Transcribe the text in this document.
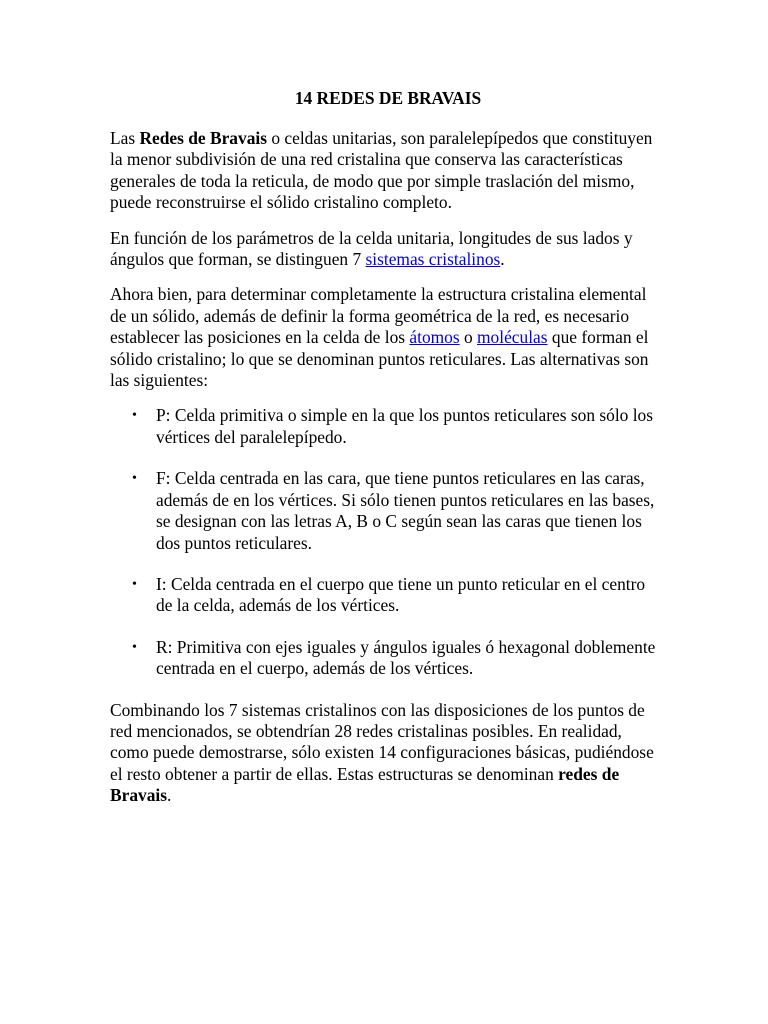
14 REDES DE BRAVAIS

Las Redes de Bravais o celdas unitarias, son paralelepípedos que constituyen la menor subdivisión de una red cristalina que conserva las características generales de toda la reticula, de modo que por simple traslación del mismo, puede reconstruirse el sólido cristalino completo.

En función de los parámetros de la celda unitaria, longitudes de sus lados y ángulos que forman, se distinguen 7 sistemas cristalinos.

Ahora bien, para determinar completamente la estructura cristalina elemental de un sólido, además de definir la forma geométrica de la red, es necesario establecer las posiciones en la celda de los átomos o moléculas que forman el sólido cristalino; lo que se denominan puntos reticulares. Las alternativas son las siguientes:

• P: Celda primitiva o simple en la que los puntos reticulares son sólo los vértices del paralelepípedo.
• F: Celda centrada en las cara, que tiene puntos reticulares en las caras, además de en los vértices. Si sólo tienen puntos reticulares en las bases, se designan con las letras A, B o C según sean las caras que tienen los dos puntos reticulares.
• I: Celda centrada en el cuerpo que tiene un punto reticular en el centro de la celda, además de los vértices.
• R: Primitiva con ejes iguales y ángulos iguales ó hexagonal doblemente centrada en el cuerpo, además de los vértices.

Combinando los 7 sistemas cristalinos con las disposiciones de los puntos de red mencionados, se obtendrían 28 redes cristalinas posibles. En realidad, como puede demostrarse, sólo existen 14 configuraciones básicas, pudiéndose el resto obtener a partir de ellas. Estas estructuras se denominan redes de Bravais.
